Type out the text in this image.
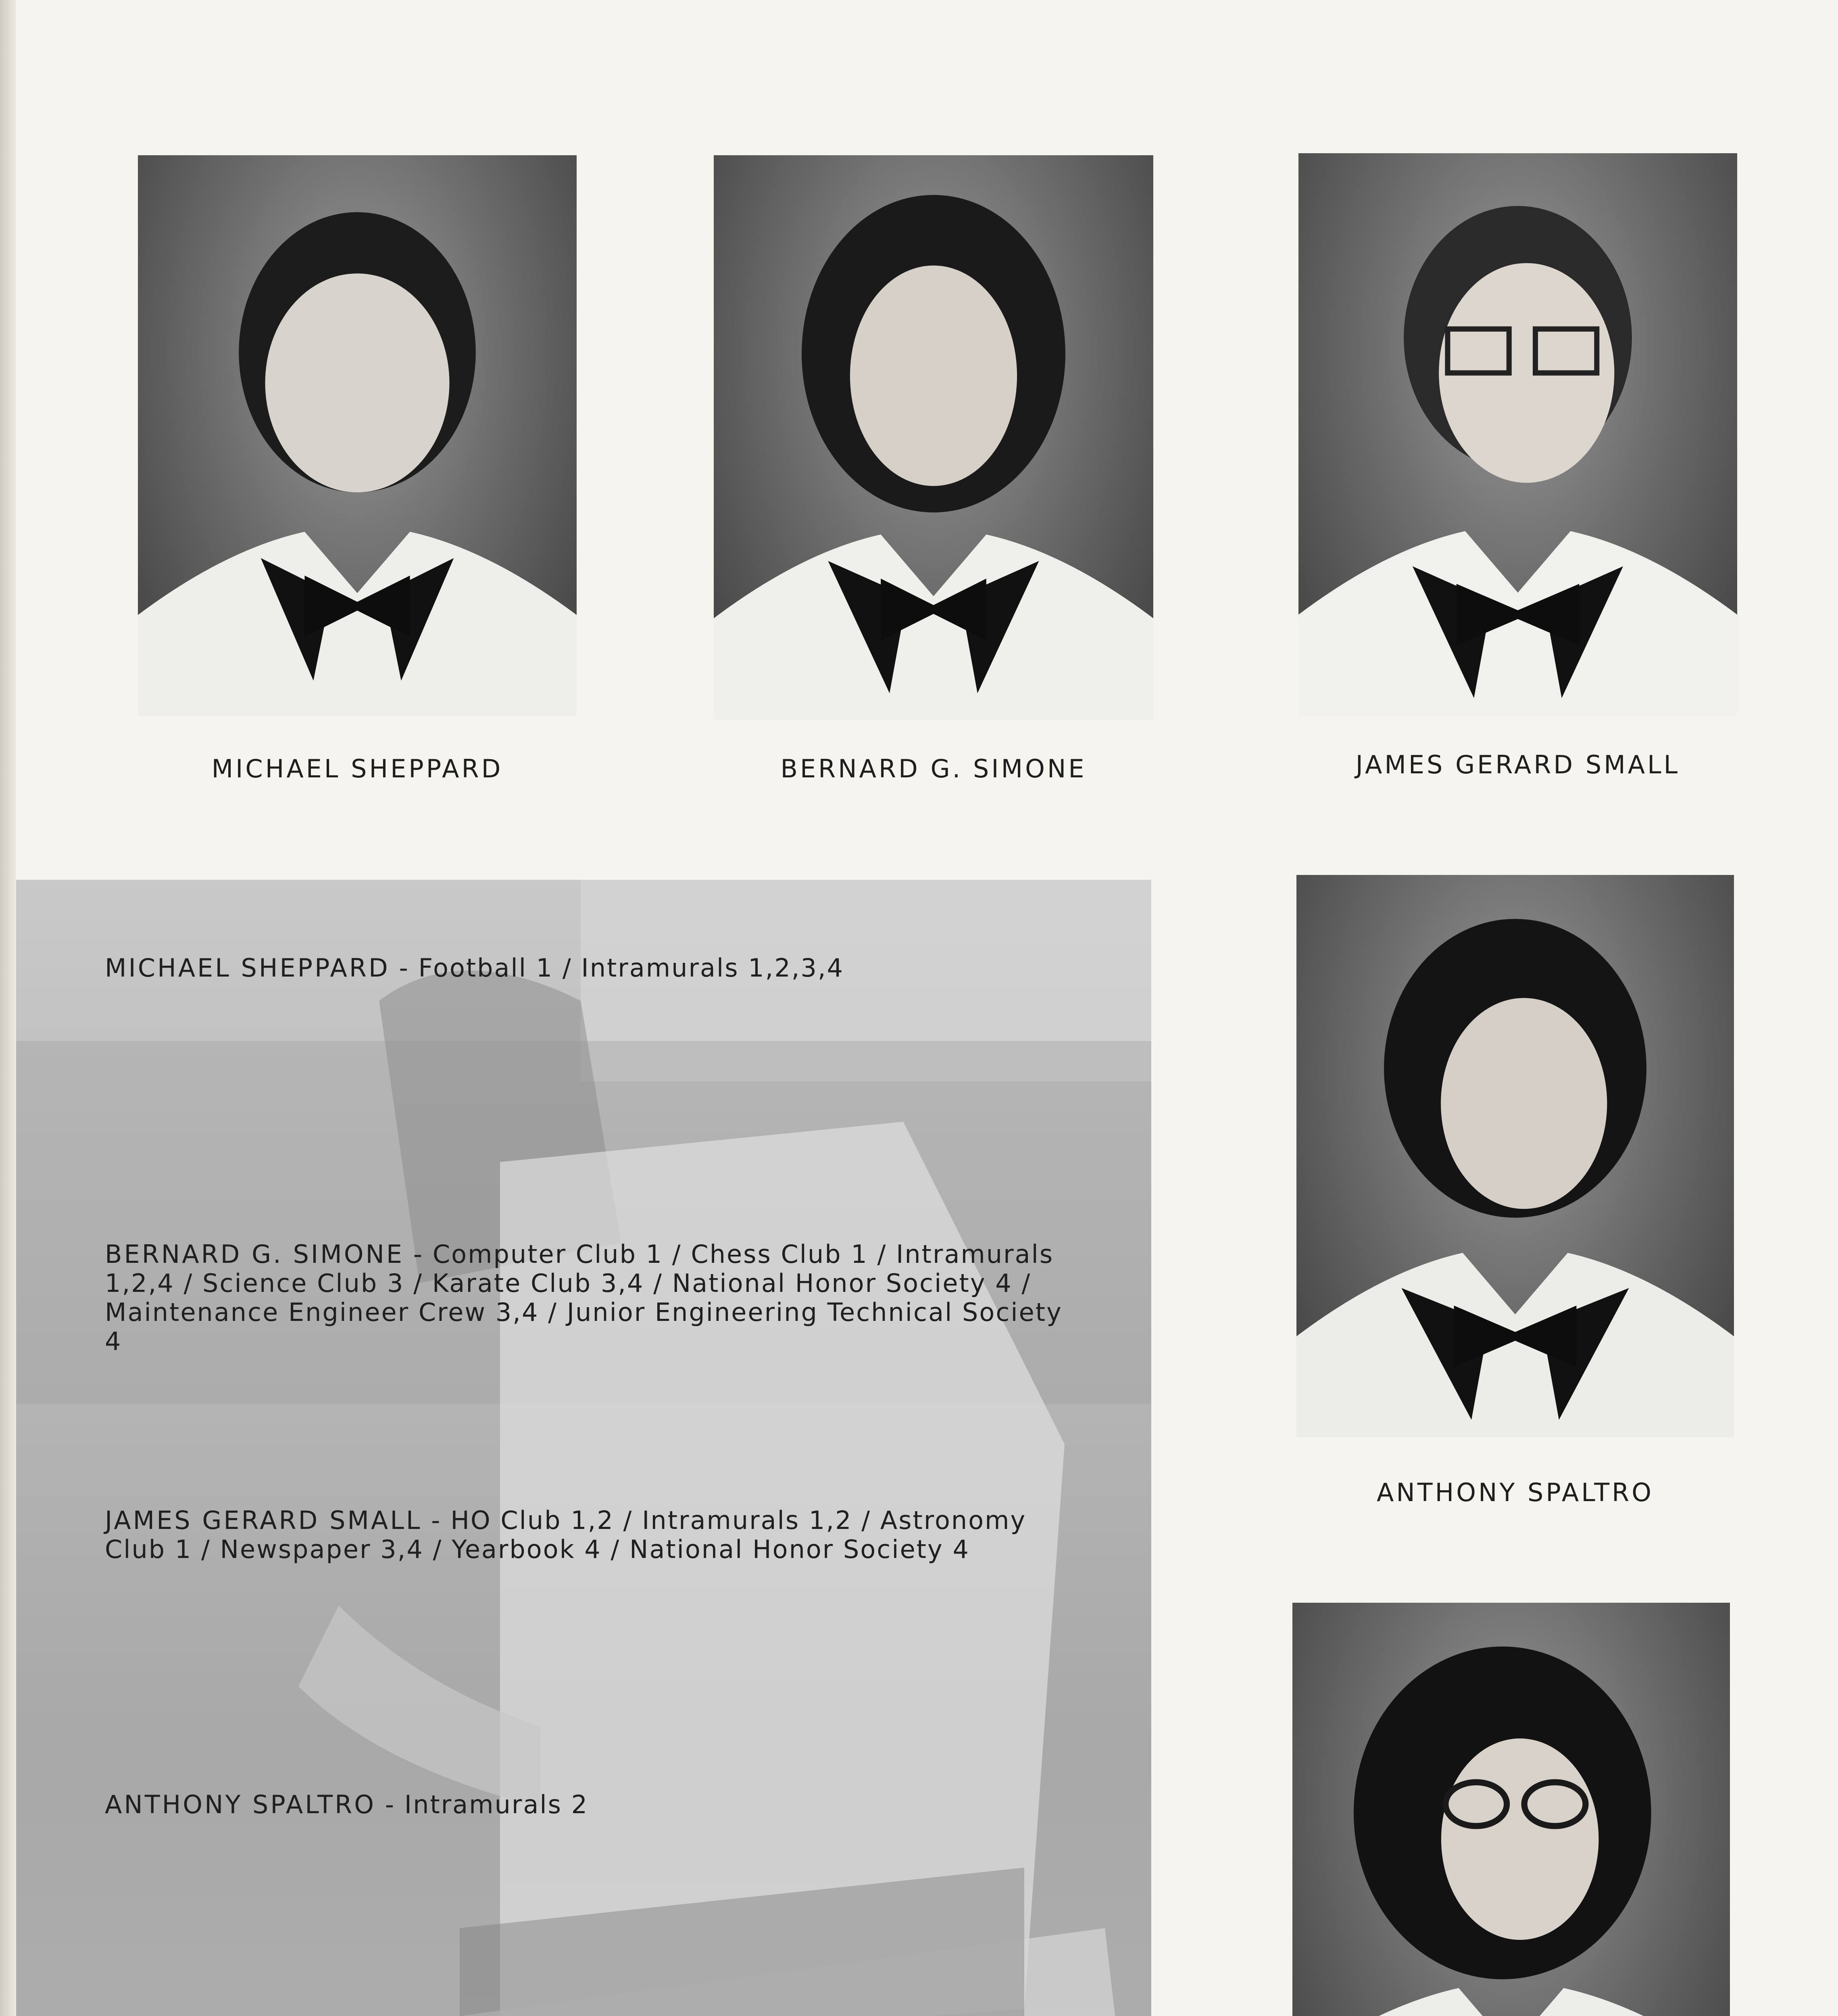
MICHAEL SHEPPARD	BERNARD G. SIMONE	JAMES GERARD SMALL
MICHAEL SHEPPARD - Football 1 / Intramurals 1,2,3,4
BERNARD G. SIMONE - Computer Club 1 / Chess Club 1 / Intramurals 1,2,4 / Science Club 3 / Karate Club 3,4 / National Honor Society 4 / Maintenance Engineer Crew 3,4 / Junior Engineering Technical Society 4
JAMES GERARD SMALL - HO Club 1,2 / Intramurals 1,2 / Astronomy Club 1 / Newspaper 3,4 / Yearbook 4 / National Honor Society 4
ANTHONY SPALTRO - Intramurals 2
ANTHONY SPALTRO
